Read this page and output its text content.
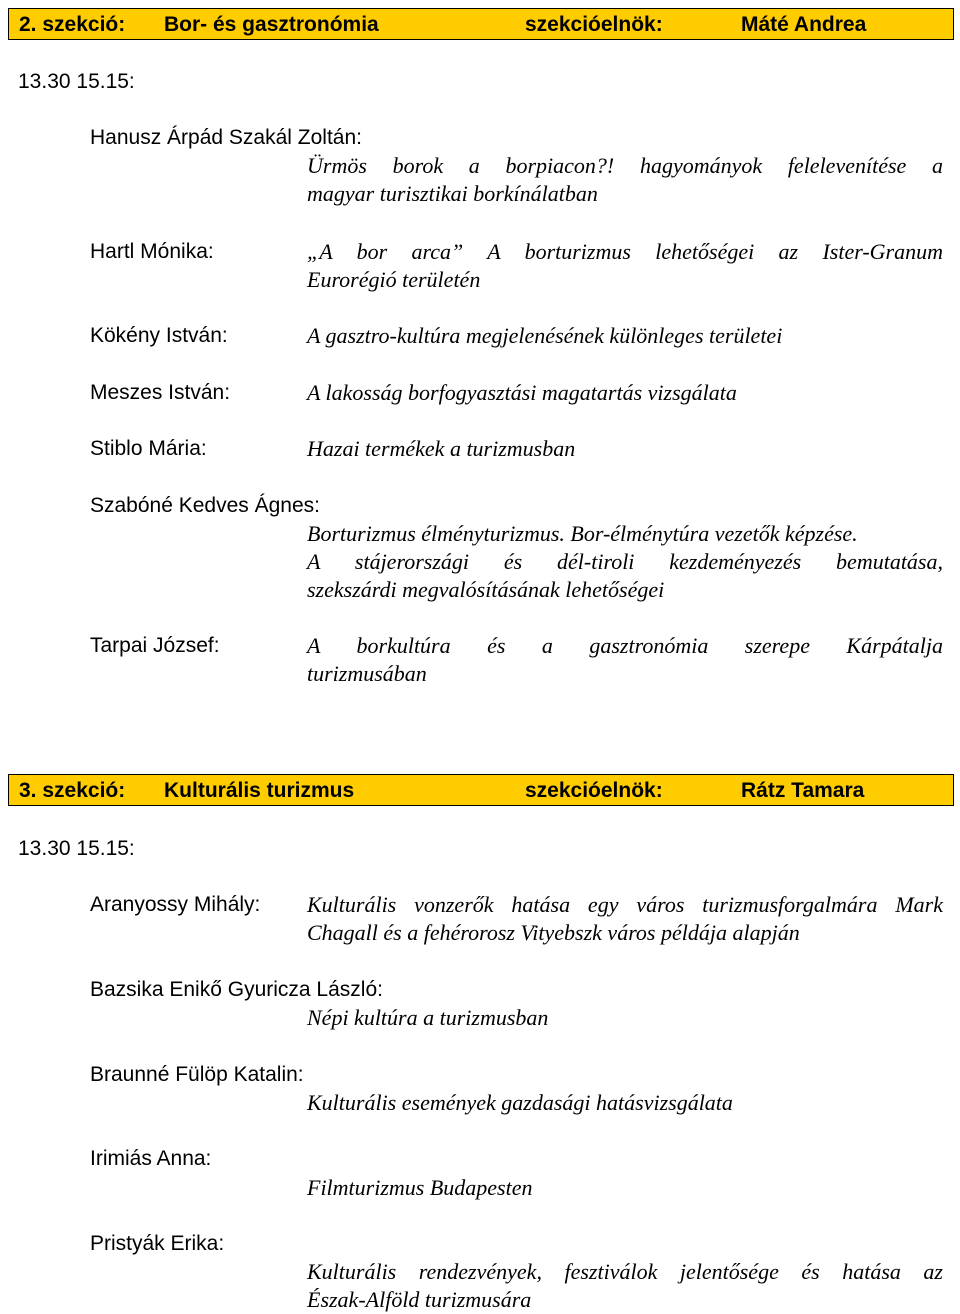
2. szekció: Bor- és gasztronómia	szekcióelnök:	Máté Andrea
13.30 15.15:
Hanusz Árpád Szakál Zoltán:
Ürmös borok a borpiacon?! hagyományok felelevenítése a
magyar turisztikai borkínálatban
Hartl Mónika:	„A bor arca” A borturizmus lehetőségei az Ister-Granum
Eurorégió területén
Kökény István:	A gasztro-kultúra megjelenésének különleges területei
Meszes István:	A lakosság borfogyasztási magatartás vizsgálata
Stiblo Mária:	Hazai termékek a turizmusban
Szabóné Kedves Ágnes:
Borturizmus élményturizmus. Bor-élménytúra vezetők képzése.
A stájerországi és dél-tiroli kezdeményezés bemutatása,
szekszárdi megvalósításának lehetőségei
Tarpai József:	A borkultúra és a gasztronómia szerepe Kárpátalja
turizmusában
3. szekció: Kulturális turizmus	szekcióelnök:	Rátz Tamara
13.30 15.15:
Aranyossy Mihály: Kulturális vonzerők hatása egy város turizmusforgalmára Mark
Chagall és a fehérorosz Vityebszk város példája alapján
Bazsika Enikő Gyuricza László:
Népi kultúra a turizmusban
Braunné Fülöp Katalin:
Kulturális események gazdasági hatásvizsgálata
Irimiás Anna:
Filmturizmus Budapesten
Pristyák Erika:
Kulturális rendezvények, fesztiválok jelentősége és hatása az
Észak-Alföld turizmusára
